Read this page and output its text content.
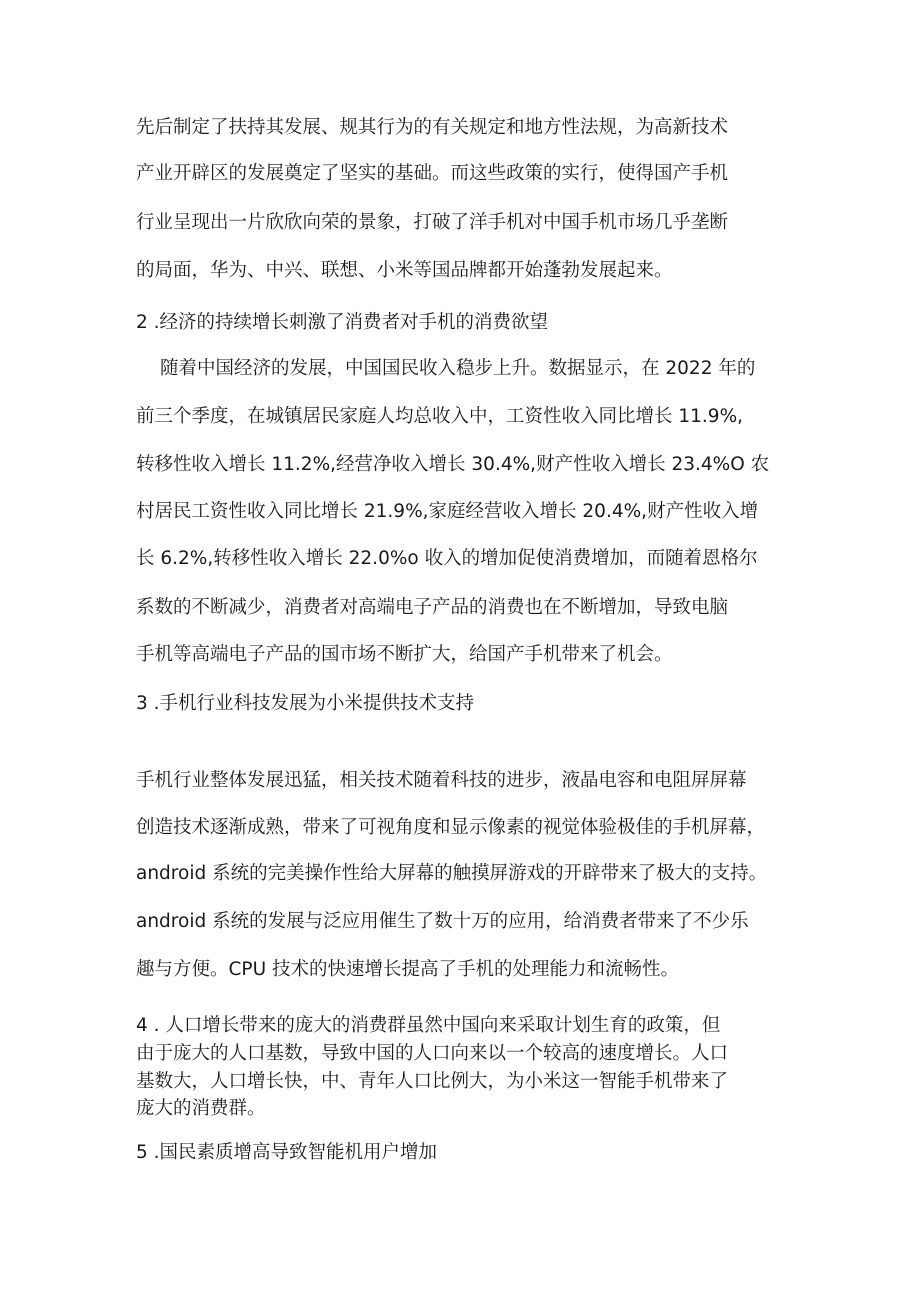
先后制定了扶持其发展、规其行为的有关规定和地方性法规，为高新技术

产业开辟区的发展奠定了坚实的基础。而这些政策的实行，使得国产手机

行业呈现出一片欣欣向荣的景象，打破了洋手机对中国手机市场几乎垄断

的局面，华为、中兴、联想、小米等国品牌都开始蓬勃发展起来。

2 .经济的持续增长刺激了消费者对手机的消费欲望

随着中国经济的发展，中国国民收入稳步上升。数据显示，在 2022 年的

前三个季度，在城镇居民家庭人均总收入中，工资性收入同比增长 11.9%,

转移性收入增长 11.2%,经营净收入增长 30.4%,财产性收入增长 23.4%O 农

村居民工资性收入同比增长 21.9%,家庭经营收入增长 20.4%,财产性收入增

长 6.2%,转移性收入增长 22.0%o 收入的增加促使消费增加，而随着恩格尔

系数的不断减少，消费者对高端电子产品的消费也在不断增加，导致电脑

手机等高端电子产品的国市场不断扩大，给国产手机带来了机会。

3 .手机行业科技发展为小米提供技术支持

手机行业整体发展迅猛，相关技术随着科技的进步，液晶电容和电阻屏屏幕

创造技术逐渐成熟，带来了可视角度和显示像素的视觉体验极佳的手机屏幕，

android 系统的完美操作性给大屏幕的触摸屏游戏的开辟带来了极大的支持。

android 系统的发展与泛应用催生了数十万的应用，给消费者带来了不少乐

趣与方便。CPU 技术的快速增长提高了手机的处理能力和流畅性。

4 . 人口增长带来的庞大的消费群虽然中国向来采取计划生育的政策，但

由于庞大的人口基数，导致中国的人口向来以一个较高的速度增长。人口

基数大，人口增长快，中、青年人口比例大，为小米这一智能手机带来了

庞大的消费群。

5 .国民素质增高导致智能机用户增加
